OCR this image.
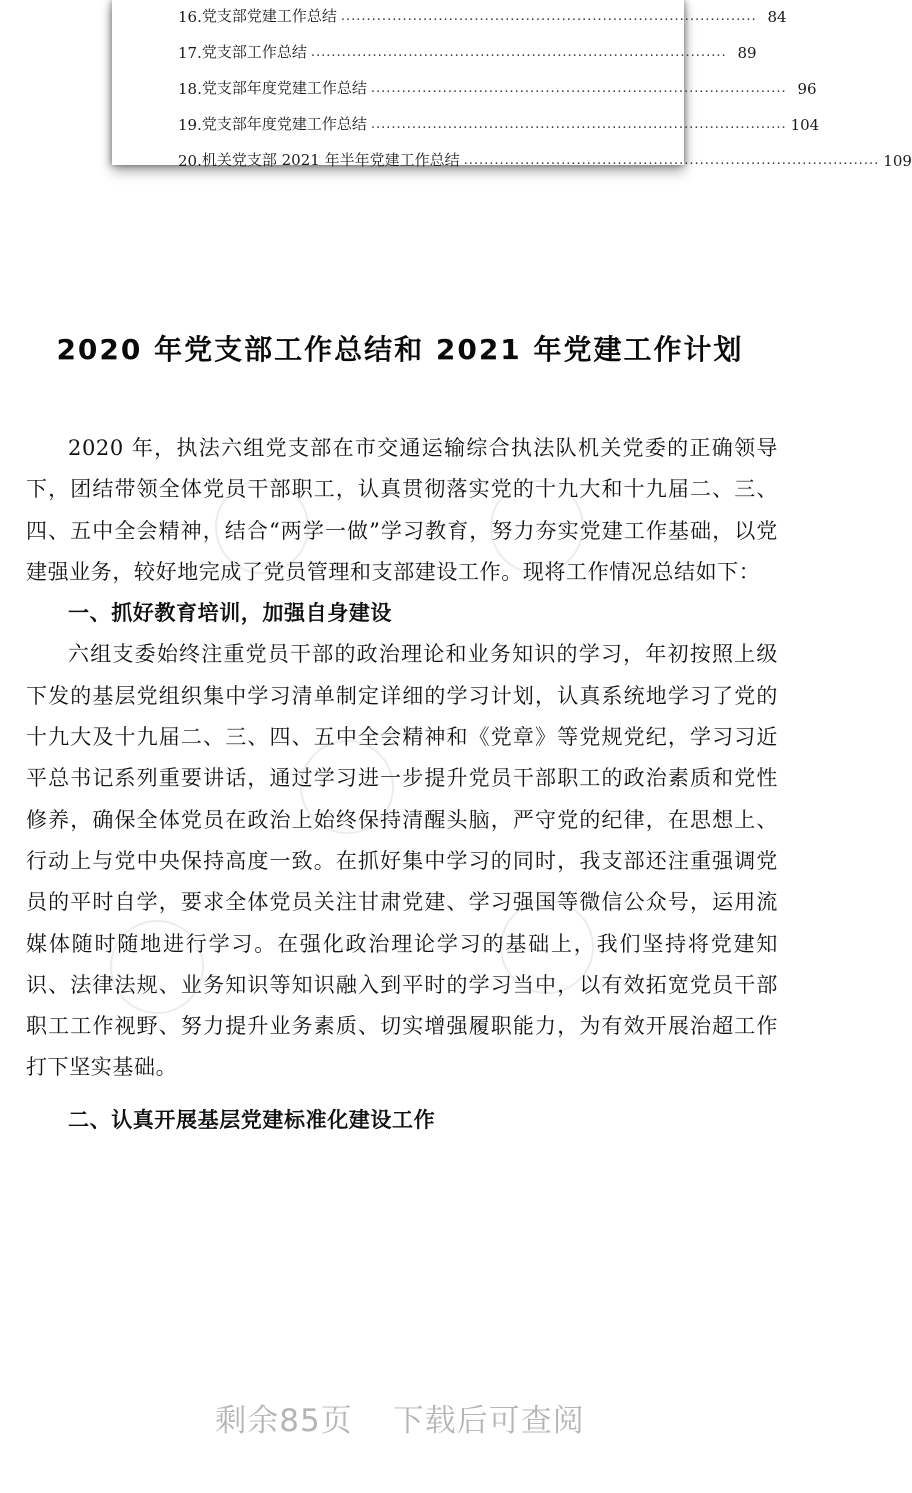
16. 党支部党建工作总结 ................................................................................. 84
17. 党支部工作总结 ................................................................................. 89
18. 党支部年度党建工作总结 ................................................................................. 96
19. 党支部年度党建工作总结 ................................................................................. 104
20. 机关党支部 2021 年半年党建工作总结 ................................................................................. 109
2020 年党支部工作总结和 2021 年党建工作计划

2020 年，执法六组党支部在市交通运输综合执法队机关党委的正确领导下，团结带领全体党员干部职工，认真贯彻落实党的十九大和十九届二、三、四、五中全会精神，结合“两学一做”学习教育，努力夯实党建工作基础，以党建强业务，较好地完成了党员管理和支部建设工作。现将工作情况总结如下：

一、抓好教育培训，加强自身建设

六组支委始终注重党员干部的政治理论和业务知识的学习，年初按照上级下发的基层党组织集中学习清单制定详细的学习计划，认真系统地学习了党的十九大及十九届二、三、四、五中全会精神和《党章》等党规党纪，学习习近平总书记系列重要讲话，通过学习进一步提升党员干部职工的政治素质和党性修养，确保全体党员在政治上始终保持清醒头脑，严守党的纪律，在思想上、行动上与党中央保持高度一致。在抓好集中学习的同时，我支部还注重强调党员的平时自学，要求全体党员关注甘肃党建、学习强国等微信公众号，运用流媒体随时随地进行学习。在强化政治理论学习的基础上，我们坚持将党建知识、法律法规、业务知识等知识融入到平时的学习当中，以有效拓宽党员干部职工工作视野、努力提升业务素质、切实增强履职能力，为有效开展治超工作打下坚实基础。

二、认真开展基层党建标准化建设工作
剩余85页 下载后可查阅
